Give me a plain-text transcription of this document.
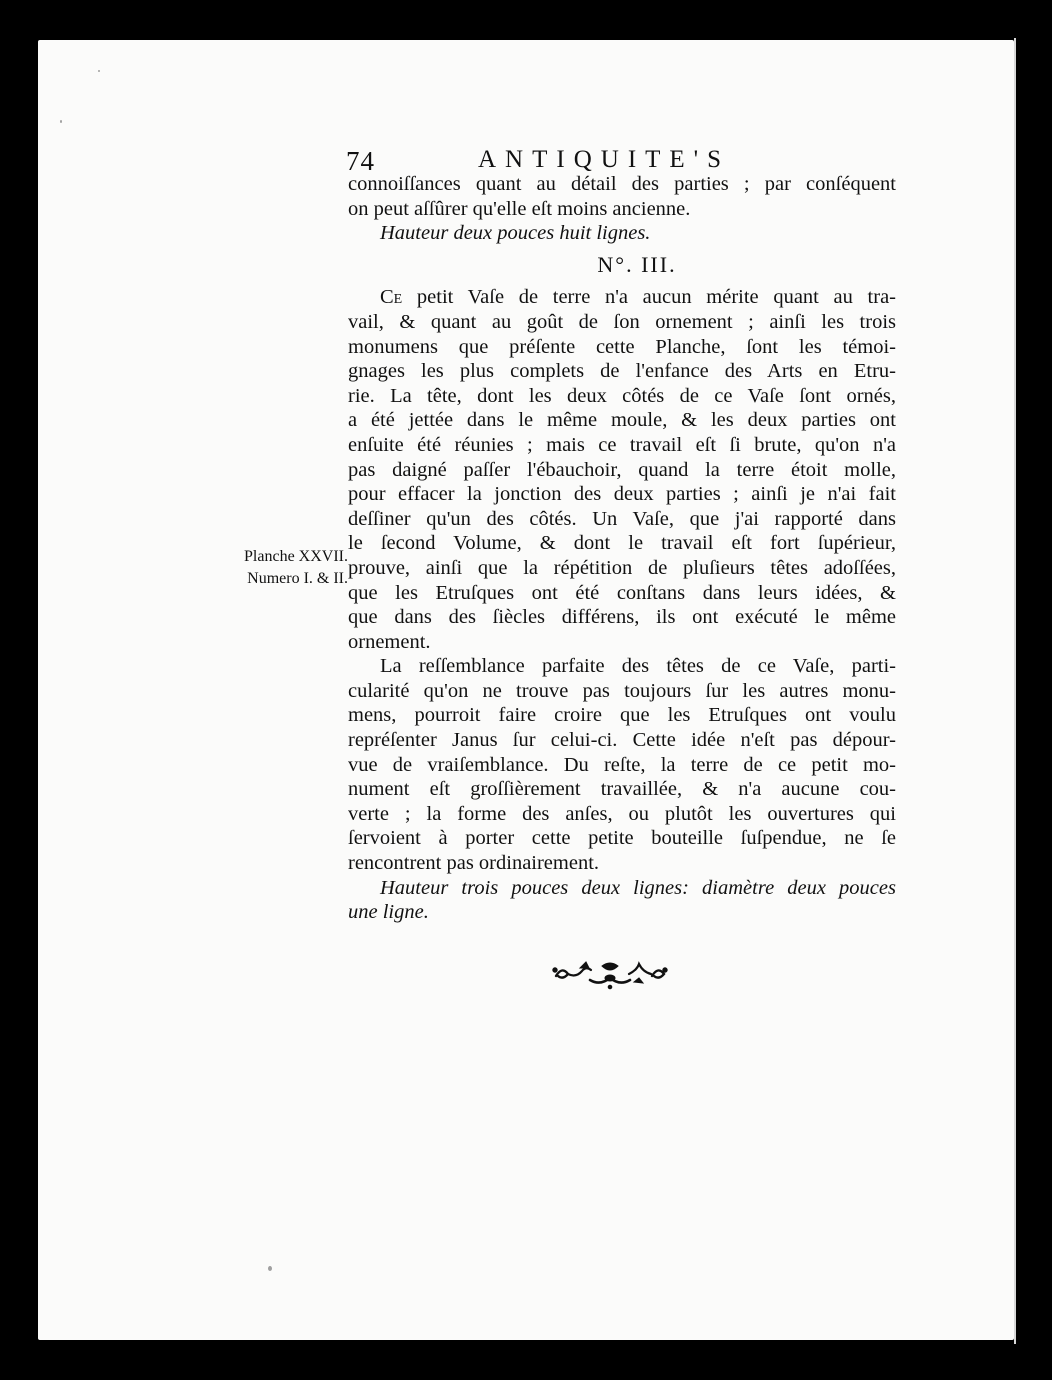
74	ANTIQUITE'S
connoiſſances quant au détail des parties ; par conſéquent
on peut aſſûrer qu'elle eſt moins ancienne.
Hauteur deux pouces huit lignes.
N°. III.
Ce petit Vaſe de terre n'a aucun mérite quant au tra-
vail, & quant au goût de ſon ornement ; ainſi les trois
monumens que préſente cette Planche, ſont les témoi-
gnages les plus complets de l'enfance des Arts en Etru-
rie. La tête, dont les deux côtés de ce Vaſe ſont ornés,
a été jettée dans le même moule, & les deux parties ont
enſuite été réunies ; mais ce travail eſt ſi brute, qu'on n'a
pas daigné paſſer l'ébauchoir, quand la terre étoit molle,
pour effacer la jonction des deux parties ; ainſi je n'ai fait
deſſiner qu'un des côtés. Un Vaſe, que j'ai rapporté dans
le ſecond Volume, & dont le travail eſt fort ſupérieur,
prouve, ainſi que la répétition de pluſieurs têtes adoſſées,
que les Etruſques ont été conſtans dans leurs idées, &
que dans des ſiècles différens, ils ont exécuté le même
ornement.
La reſſemblance parfaite des têtes de ce Vaſe, parti-
cularité qu'on ne trouve pas toujours ſur les autres monu-
mens, pourroit faire croire que les Etruſques ont voulu
repréſenter Janus ſur celui-ci. Cette idée n'eſt pas dépour-
vue de vraiſemblance. Du reſte, la terre de ce petit mo-
nument eſt groſſièrement travaillée, & n'a aucune cou-
verte ; la forme des anſes, ou plutôt les ouvertures qui
ſervoient à porter cette petite bouteille ſuſpendue, ne ſe
rencontrent pas ordinairement.
Hauteur trois pouces deux lignes: diamètre deux pouces
une ligne.
Planche XXVII.
Numero I. & II.
